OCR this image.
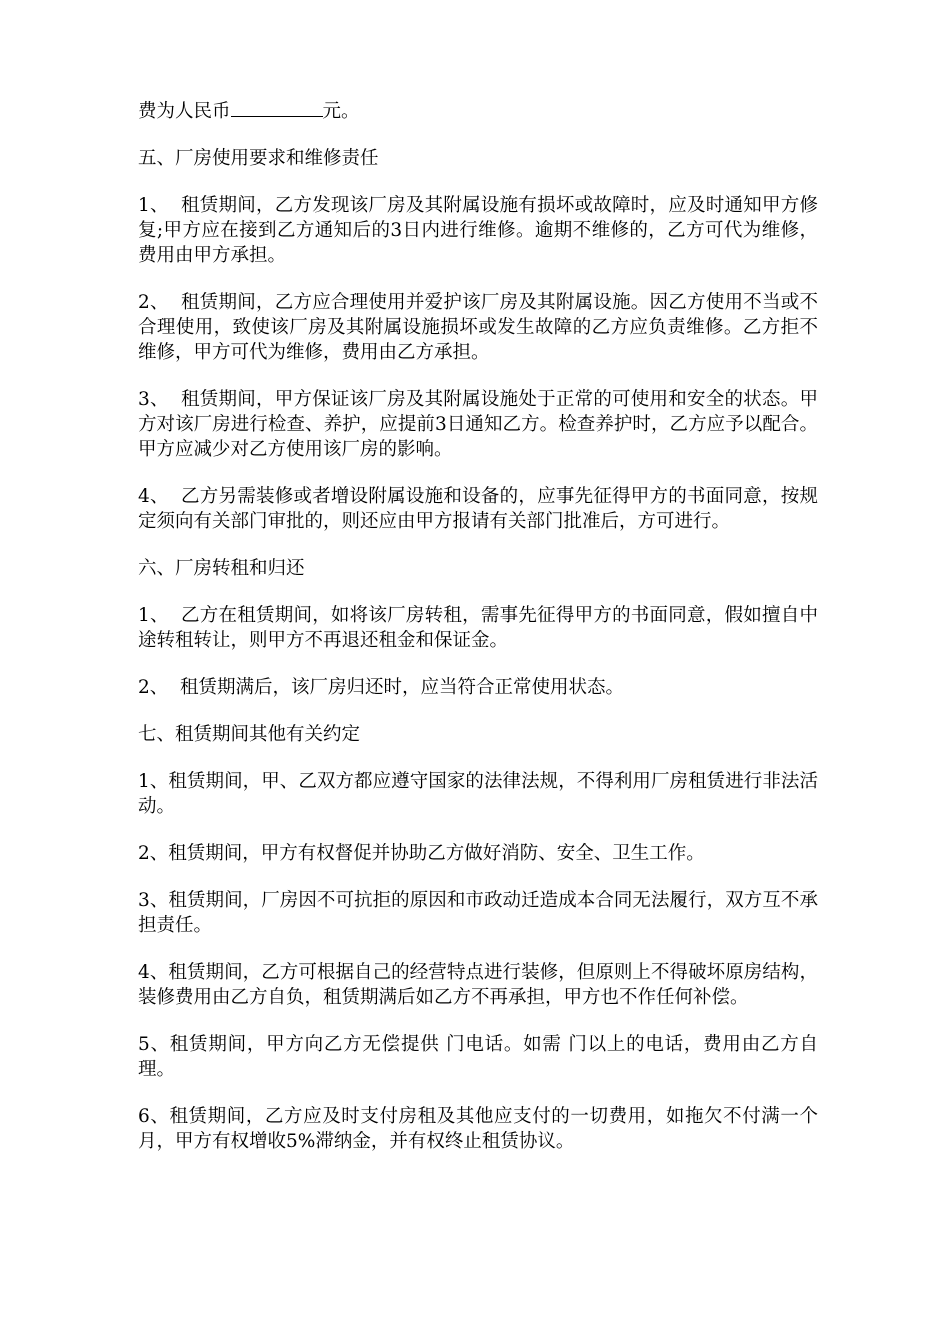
费为人民币	元。

五、厂房使用要求和维修责任

1、  租赁期间，乙方发现该厂房及其附属设施有损坏或故障时，应及时通知甲方修复;甲方应在接到乙方通知后的3日内进行维修。逾期不维修的，乙方可代为维修，费用由甲方承担。

2、  租赁期间，乙方应合理使用并爱护该厂房及其附属设施。因乙方使用不当或不合理使用，致使该厂房及其附属设施损坏或发生故障的乙方应负责维修。乙方拒不维修，甲方可代为维修，费用由乙方承担。

3、  租赁期间，甲方保证该厂房及其附属设施处于正常的可使用和安全的状态。甲方对该厂房进行检查、养护，应提前3日通知乙方。检查养护时，乙方应予以配合。甲方应减少对乙方使用该厂房的影响。

4、  乙方另需装修或者增设附属设施和设备的，应事先征得甲方的书面同意，按规定须向有关部门审批的，则还应由甲方报请有关部门批准后，方可进行。

六、厂房转租和归还

1、  乙方在租赁期间，如将该厂房转租，需事先征得甲方的书面同意，假如擅自中途转租转让，则甲方不再退还租金和保证金。

2、  租赁期满后，该厂房归还时，应当符合正常使用状态。

七、租赁期间其他有关约定

1、租赁期间，甲、乙双方都应遵守国家的法律法规，不得利用厂房租赁进行非法活动。

2、租赁期间，甲方有权督促并协助乙方做好消防、安全、卫生工作。

3、租赁期间，厂房因不可抗拒的原因和市政动迁造成本合同无法履行，双方互不承担责任。

4、租赁期间，乙方可根据自己的经营特点进行装修，但原则上不得破坏原房结构，装修费用由乙方自负，租赁期满后如乙方不再承担，甲方也不作任何补偿。

5、租赁期间，甲方向乙方无偿提供 门电话。如需 门以上的电话，费用由乙方自理。

6、租赁期间，乙方应及时支付房租及其他应支付的一切费用，如拖欠不付满一个月，甲方有权增收5%滞纳金，并有权终止租赁协议。
